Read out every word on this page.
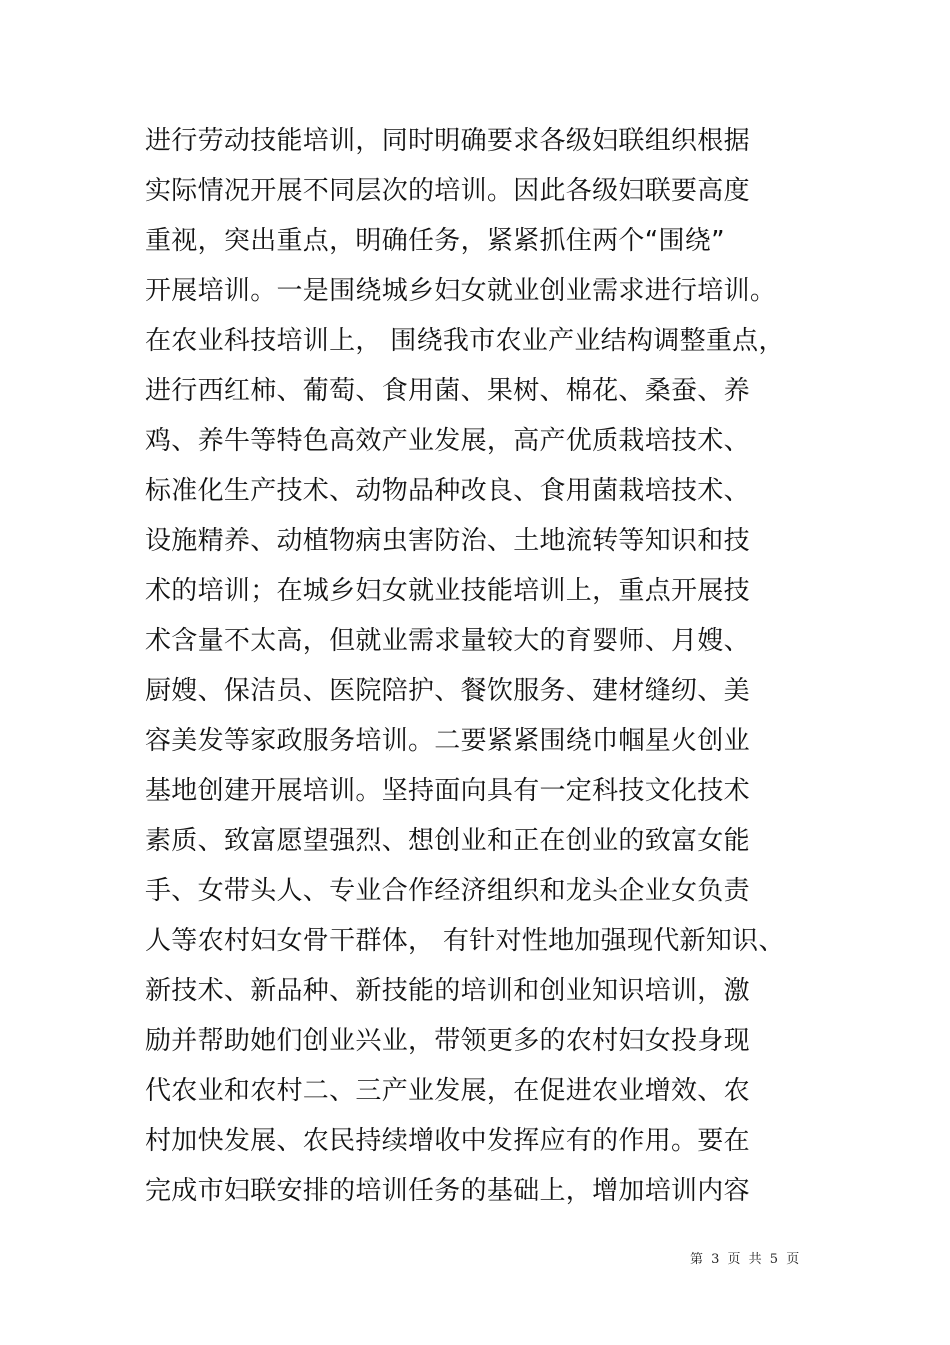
进行劳动技能培训，同时明确要求各级妇联组织根据
实际情况开展不同层次的培训。因此各级妇联要高度
重视，突出重点，明确任务，紧紧抓住两个“围绕”
开展培训。一是围绕城乡妇女就业创业需求进行培训。
在农业科技培训上， 围绕我市农业产业结构调整重点，
进行西红柿、葡萄、食用菌、果树、棉花、桑蚕、养
鸡、养牛等特色高效产业发展，高产优质栽培技术、
标准化生产技术、动物品种改良、食用菌栽培技术、
设施精养、动植物病虫害防治、土地流转等知识和技
术的培训；在城乡妇女就业技能培训上，重点开展技
术含量不太高，但就业需求量较大的育婴师、月嫂、
厨嫂、保洁员、医院陪护、餐饮服务、建材缝纫、美
容美发等家政服务培训。二要紧紧围绕巾帼星火创业
基地创建开展培训。坚持面向具有一定科技文化技术
素质、致富愿望强烈、想创业和正在创业的致富女能
手、女带头人、专业合作经济组织和龙头企业女负责
人等农村妇女骨干群体， 有针对性地加强现代新知识、
新技术、新品种、新技能的培训和创业知识培训，激
励并帮助她们创业兴业，带领更多的农村妇女投身现
代农业和农村二、三产业发展，在促进农业增效、农
村加快发展、农民持续增收中发挥应有的作用。要在
完成市妇联安排的培训任务的基础上，增加培训内容
第 3 页 共 5 页
